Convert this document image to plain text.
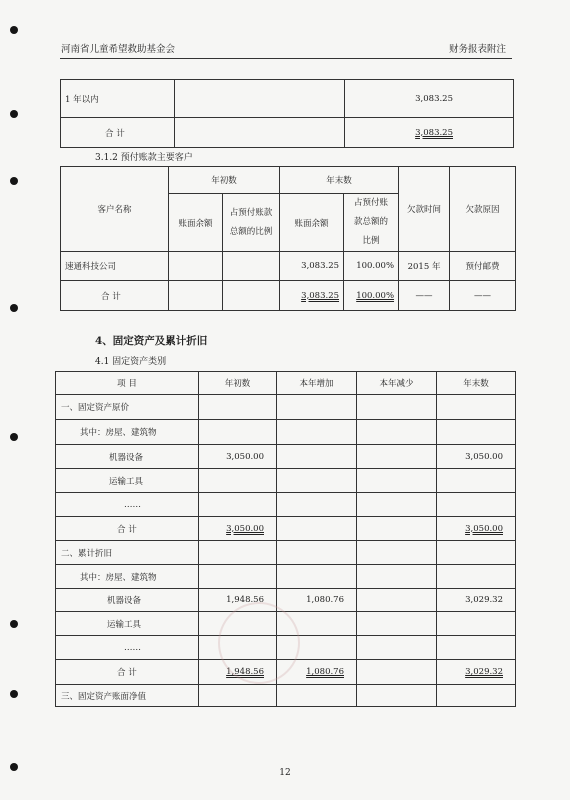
河南省儿童希望救助基金会	财务报表附注
1 年以内		3,083.25
合 计		3,083.25
3.1.2 预付账款主要客户
客户名称	年初数		年末数		欠款时间	欠款原因
	账面余额	占预付账款总额的比例	账面余额	占预付账款总额的比例		
速通科技公司			3,083.25	100.00%	2015 年	预付邮费
合 计			3,083.25	100.00%	——	——
4、固定资产及累计折旧
4.1 固定资产类别
项 目	年初数	本年增加	本年减少	年末数
一、固定资产原价				
其中：房屋、建筑物				
机器设备	3,050.00			3,050.00
运输工具				
……				
合 计	3,050.00			3,050.00
二、累计折旧				
其中：房屋、建筑物				
机器设备	1,948.56	1,080.76		3,029.32
运输工具				
……				
合 计	1,948.56	1,080.76		3,029.32
三、固定资产账面净值				
12
